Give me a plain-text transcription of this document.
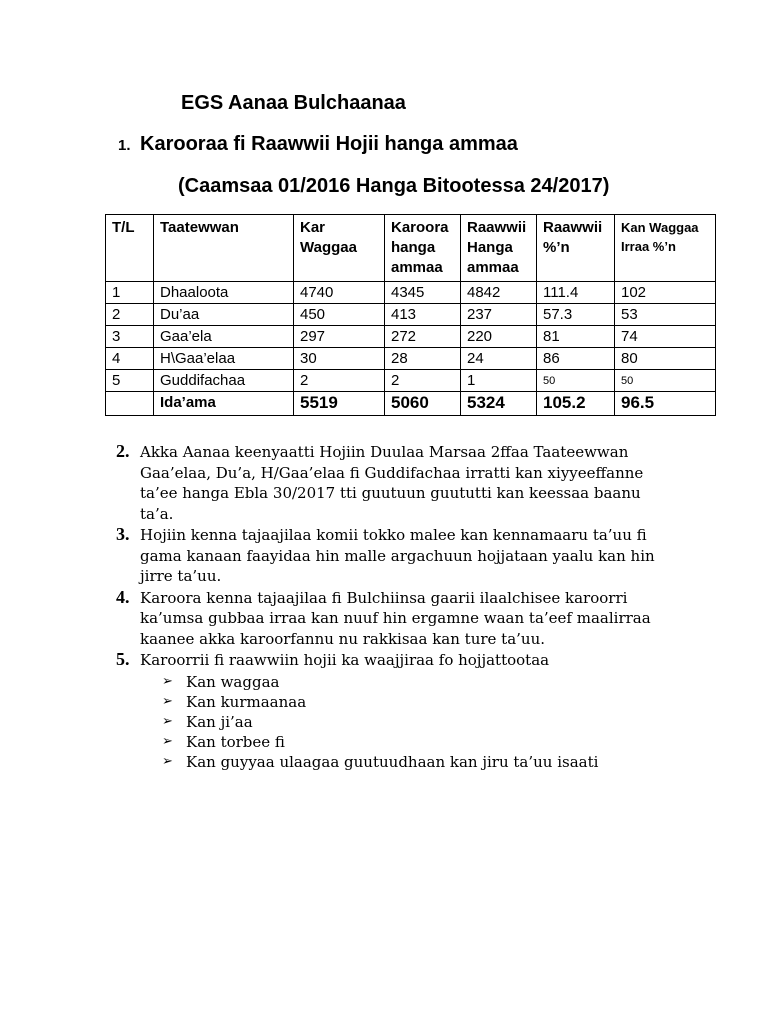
EGS Aanaa Bulchaanaa
1. Karooraa fi Raawwii Hojii hanga ammaa
(Caamsaa 01/2016 Hanga Bitootessa 24/2017)
T/L	Taatewwan	Kar Waggaa	Karoora hanga ammaa	Raawwii Hanga ammaa	Raawwii %’n	Kan Waggaa Irraa %’n
1	Dhaaloota	4740	4345	4842	111.4	102
2	Du’aa	450	413	237	57.3	53
3	Gaa’ela	297	272	220	81	74
4	H\Gaa’elaa	30	28	24	86	80
5	Guddifachaa	2	2	1	50	50
	Ida’ama	5519	5060	5324	105.2	96.5
2. Akka Aanaa keenyaatti Hojiin Duulaa Marsaa 2ffaa Taateewwan Gaa’elaa, Du’a, H/Gaa’elaa fi Guddifachaa irratti kan xiyyeeffanne ta’ee hanga Ebla 30/2017 tti guutuun guututti kan keessaa baanu ta’a.
3. Hojiin kenna tajaajilaa komii tokko malee kan kennamaaru ta’uu fi gama kanaan faayidaa hin malle argachuun hojjataan yaalu kan hin jirre ta’uu.
4. Karoora kenna tajaajilaa fi Bulchiinsa gaarii ilaalchisee karoorri ka’umsa gubbaa irraa kan nuuf hin ergamne waan ta’eef maalirraa kaanee akka karoorfannu nu rakkisaa kan ture ta’uu.
5. Karoorrii fi raawwiin hojii ka waajjiraa fo hojjattootaa
➢ Kan waggaa
➢ Kan kurmaanaa
➢ Kan ji’aa
➢ Kan torbee fi
➢ Kan guyyaa ulaagaa guutuudhaan kan jiru ta’uu isaati
